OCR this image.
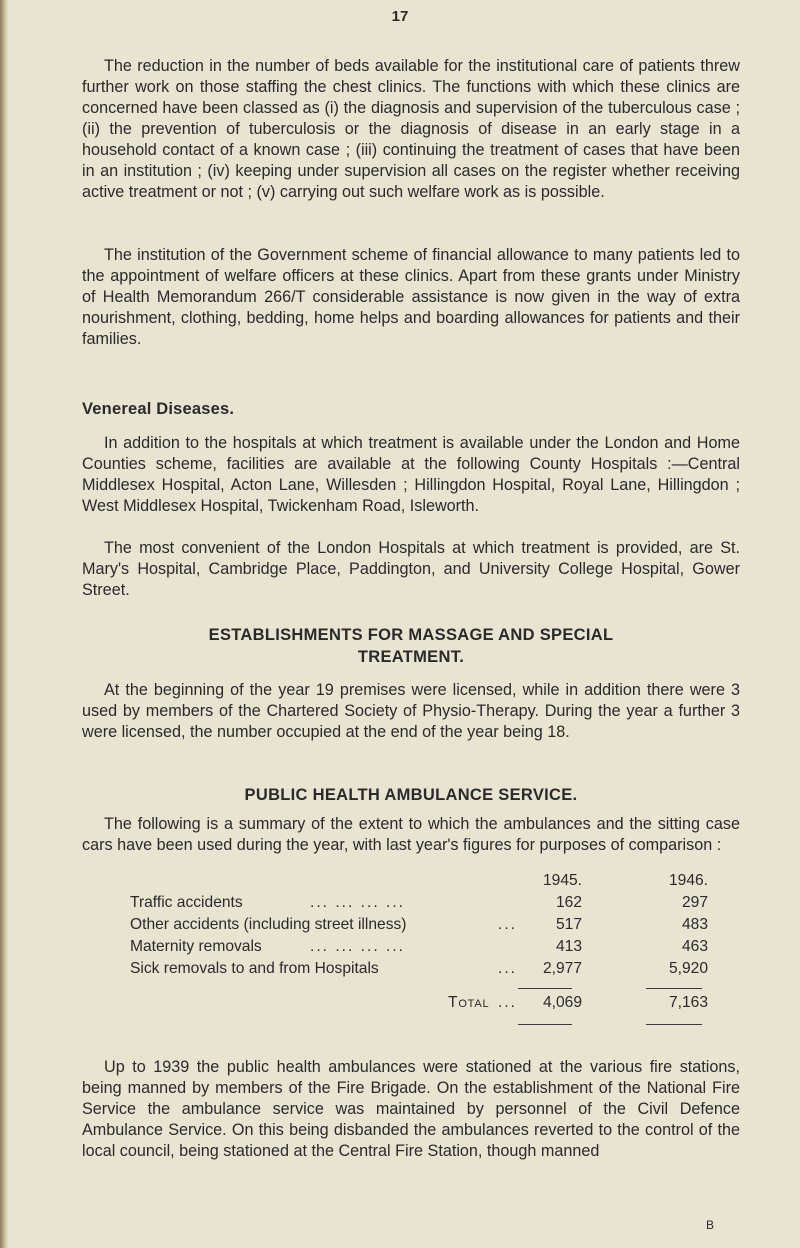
17

The reduction in the number of beds available for the institutional care of patients threw further work on those staffing the chest clinics. The functions with which these clinics are concerned have been classed as (i) the diagnosis and supervision of the tuberculous case ; (ii) the prevention of tuberculosis or the diagnosis of disease in an early stage in a household contact of a known case ; (iii) continuing the treatment of cases that have been in an institution ; (iv) keeping under supervision all cases on the register whether receiving active treatment or not ; (v) carrying out such welfare work as is possible.

The institution of the Government scheme of financial allowance to many patients led to the appointment of welfare officers at these clinics. Apart from these grants under Ministry of Health Memorandum 266/T considerable assistance is now given in the way of extra nourishment, clothing, bedding, home helps and boarding allowances for patients and their families.

Venereal Diseases.

In addition to the hospitals at which treatment is available under the London and Home Counties scheme, facilities are available at the following County Hospitals :—Central Middlesex Hospital, Acton Lane, Willesden ; Hillingdon Hospital, Royal Lane, Hillingdon ; West Middlesex Hospital, Twickenham Road, Isleworth.

The most convenient of the London Hospitals at which treatment is provided, are St. Mary's Hospital, Cambridge Place, Paddington, and University College Hospital, Gower Street.

ESTABLISHMENTS FOR MASSAGE AND SPECIAL
TREATMENT.

At the beginning of the year 19 premises were licensed, while in addition there were 3 used by members of the Chartered Society of Physio-Therapy. During the year a further 3 were licensed, the number occupied at the end of the year being 18.

PUBLIC HEALTH AMBULANCE SERVICE.

The following is a summary of the extent to which the ambulances and the sitting case cars have been used during the year, with last year's figures for purposes of comparison :

1945.	1946.
Traffic accidents	... ... ... ...	162	297
Other accidents (including street illness)	... 517	483
Maternity removals	... ... ... ...	413	463
Sick removals to and from Hospitals	... 2,977	5,920
Total ... 4,069	7,163

Up to 1939 the public health ambulances were stationed at the various fire stations, being manned by members of the Fire Brigade. On the establishment of the National Fire Service the ambulance service was maintained by personnel of the Civil Defence Ambulance Service. On this being disbanded the ambulances reverted to the control of the local council, being stationed at the Central Fire Station, though manned

B
